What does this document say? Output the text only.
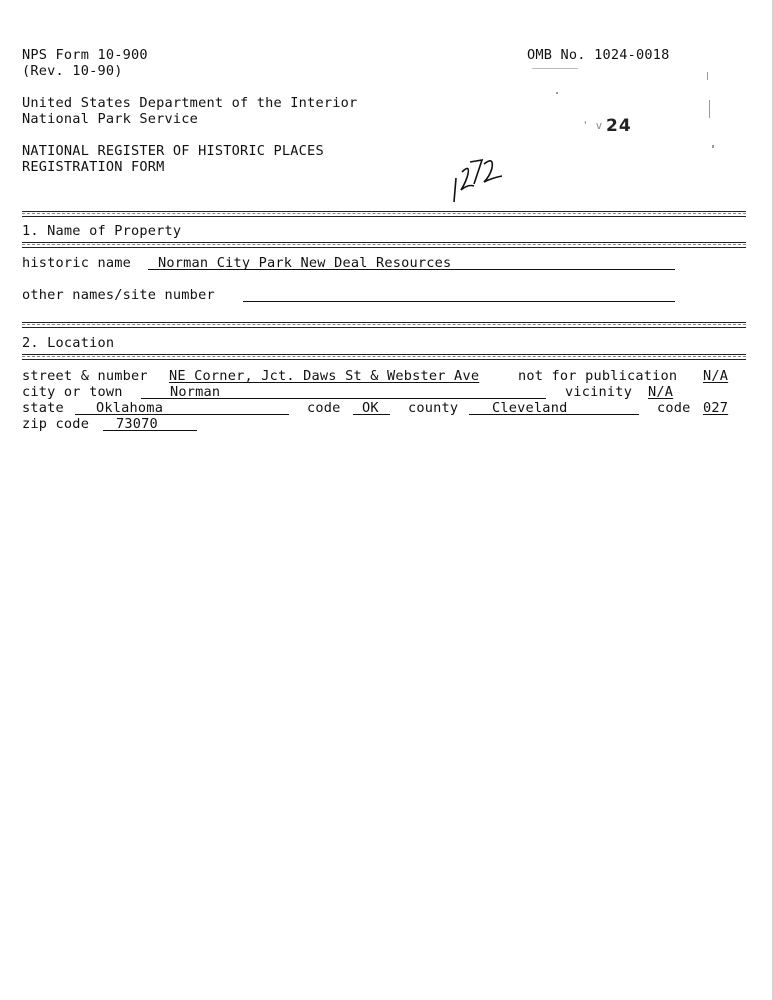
NPS Form 10-900
(Rev. 10-90)
OMB No. 1024-0018
United States Department of the Interior
National Park Service
NATIONAL REGISTER OF HISTORIC PLACES
REGISTRATION FORM
' v 24
1. Name of Property
historic name Norman City Park New Deal Resources
other names/site number
2. Location
street & number NE Corner, Jct. Daws St & Webster Ave	not for publication N/A
city or town	Norman	vicinity N/A
state Oklahoma	code OK county Cleveland	code 027
zip code 73070
